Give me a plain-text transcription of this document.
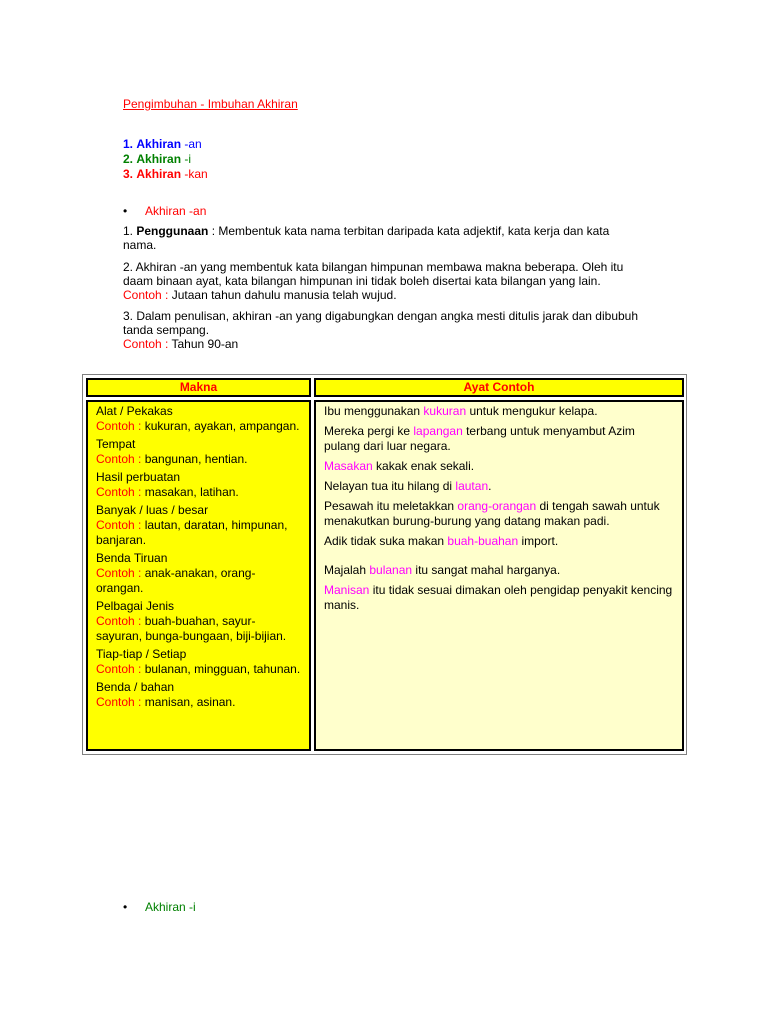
Pengimbuhan - Imbuhan Akhiran
1. Akhiran -an
2. Akhiran -i
3. Akhiran -kan
• Akhiran -an
1. Penggunaan : Membentuk kata nama terbitan daripada kata adjektif, kata kerja dan kata nama.
2. Akhiran -an yang membentuk kata bilangan himpunan membawa makna beberapa. Oleh itu daam binaan ayat, kata bilangan himpunan ini tidak boleh disertai kata bilangan yang lain.
Contoh : Jutaan tahun dahulu manusia telah wujud.
3. Dalam penulisan, akhiran -an yang digabungkan dengan angka mesti ditulis jarak dan dibubuh tanda sempang.
Contoh : Tahun 90-an
Makna	Ayat Contoh
Alat / Pekakas
Contoh : kukuran, ayakan, ampangan.
Tempat
Contoh : bangunan, hentian.
Hasil perbuatan
Contoh : masakan, latihan.
Banyak / luas / besar
Contoh : lautan, daratan, himpunan, banjaran.
Benda Tiruan
Contoh : anak-anakan, orang-orangan.
Pelbagai Jenis
Contoh : buah-buahan, sayur-sayuran, bunga-bungaan, biji-bijian.
Tiap-tiap / Setiap
Contoh : bulanan, mingguan, tahunan.
Benda / bahan
Contoh : manisan, asinan.
Ibu menggunakan kukuran untuk mengukur kelapa.
Mereka pergi ke lapangan terbang untuk menyambut Azim pulang dari luar negara.
Masakan kakak enak sekali.
Nelayan tua itu hilang di lautan.
Pesawah itu meletakkan orang-orangan di tengah sawah untuk menakutkan burung-burung yang datang makan padi.
Adik tidak suka makan buah-buahan import.
Majalah bulanan itu sangat mahal harganya.
Manisan itu tidak sesuai dimakan oleh pengidap penyakit kencing manis.
• Akhiran -i
